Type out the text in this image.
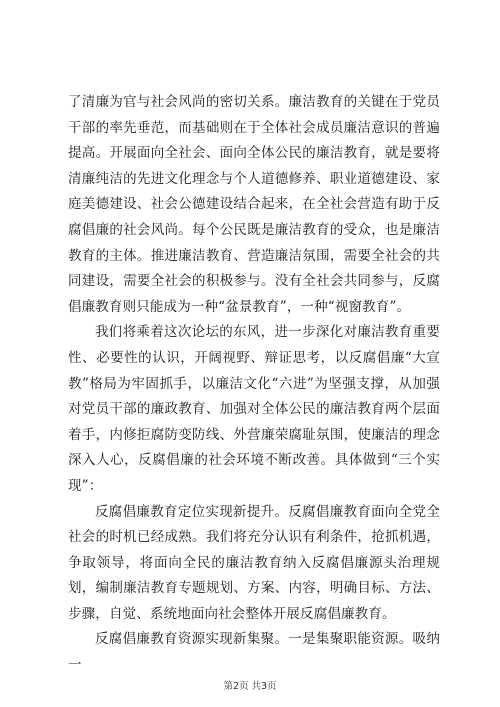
了清廉为官与社会风尚的密切关系。廉洁教育的关键在于党员干部的率先垂范，而基础则在于全体社会成员廉洁意识的普遍提高。开展面向全社会、面向全体公民的廉洁教育，就是要将清廉纯洁的先进文化理念与个人道德修养、职业道德建设、家庭美德建设、社会公德建设结合起来，在全社会营造有助于反腐倡廉的社会风尚。每个公民既是廉洁教育的受众，也是廉洁教育的主体。推进廉洁教育、营造廉洁氛围，需要全社会的共同建设，需要全社会的积极参与。没有全社会共同参与，反腐倡廉教育则只能成为一种“盆景教育”，一种“视窗教育”。

我们将乘着这次论坛的东风，进一步深化对廉洁教育重要性、必要性的认识，开阔视野、辩证思考，以反腐倡廉“大宣教”格局为牢固抓手，以廉洁文化“六进”为坚强支撑，从加强对党员干部的廉政教育、加强对全体公民的廉洁教育两个层面着手，内修拒腐防变防线、外营廉荣腐耻氛围，使廉洁的理念深入人心，反腐倡廉的社会环境不断改善。具体做到“三个实现”：

反腐倡廉教育定位实现新提升。反腐倡廉教育面向全党全社会的时机已经成熟。我们将充分认识有利条件，抢抓机遇，争取领导，将面向全民的廉洁教育纳入反腐倡廉源头治理规划，编制廉洁教育专题规划、方案、内容，明确目标、方法、步骤，自觉、系统地面向社会整体开展反腐倡廉教育。

反腐倡廉教育资源实现新集聚。一是集聚职能资源。吸纳一

第2页 共3页
